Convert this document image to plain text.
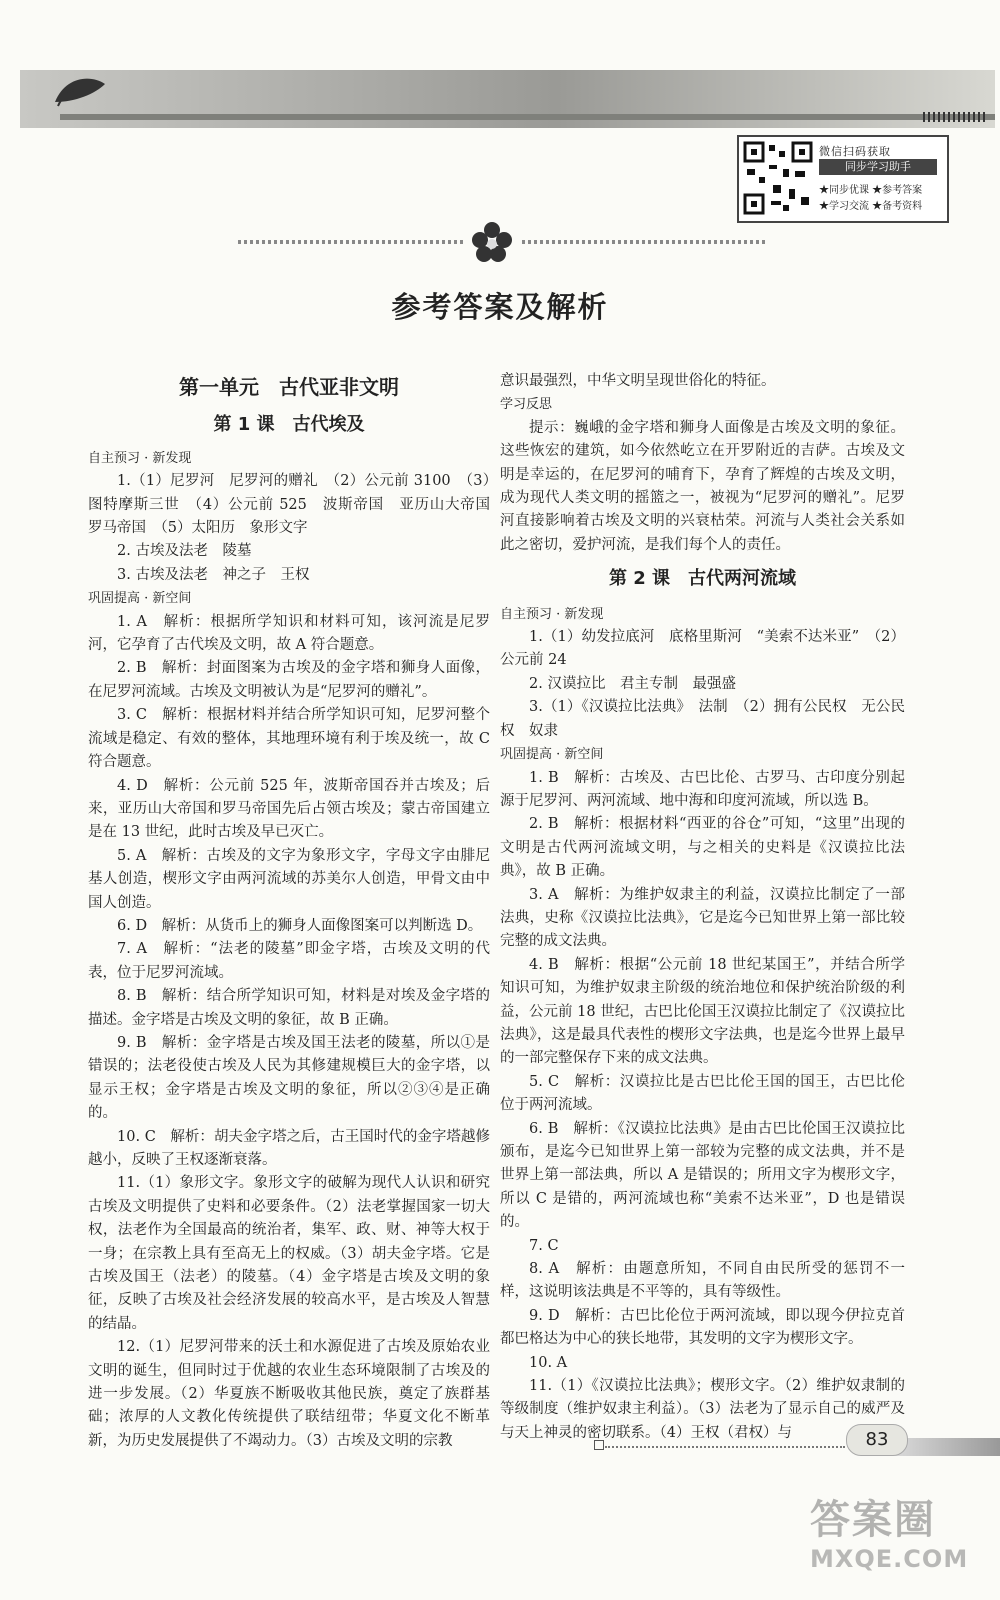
微信扫码获取
同步学习助手
★同步优课 ★参考答案
★学习交流 ★备考资料
参考答案及解析
第一单元　古代亚非文明
第 1 课　古代埃及

自主预习 · 新发现

1.（1）尼罗河　尼罗河的赠礼　（2）公元前 3100　（3）图特摩斯三世　（4）公元前 525　波斯帝国　亚历山大帝国　罗马帝国　（5）太阳历　象形文字

2. 古埃及法老　陵墓

3. 古埃及法老　神之子　王权

巩固提高 · 新空间

1. A　解析：根据所学知识和材料可知，该河流是尼罗河，它孕育了古代埃及文明，故 A 符合题意。

2. B　解析：封面图案为古埃及的金字塔和狮身人面像，在尼罗河流域。古埃及文明被认为是“尼罗河的赠礼”。

3. C　解析：根据材料并结合所学知识可知，尼罗河整个流域是稳定、有效的整体，其地理环境有利于埃及统一，故 C 符合题意。

4. D　解析：公元前 525 年，波斯帝国吞并古埃及；后来，亚历山大帝国和罗马帝国先后占领古埃及；蒙古帝国建立是在 13 世纪，此时古埃及早已灭亡。

5. A　解析：古埃及的文字为象形文字，字母文字由腓尼基人创造，楔形文字由两河流域的苏美尔人创造，甲骨文由中国人创造。

6. D　解析：从货币上的狮身人面像图案可以判断选 D。

7. A　解析：“法老的陵墓”即金字塔，古埃及文明的代表，位于尼罗河流域。

8. B　解析：结合所学知识可知，材料是对埃及金字塔的描述。金字塔是古埃及文明的象征，故 B 正确。

9. B　解析：金字塔是古埃及国王法老的陵墓，所以①是错误的；法老役使古埃及人民为其修建规模巨大的金字塔，以显示王权；金字塔是古埃及文明的象征，所以②③④是正确的。

10. C　解析：胡夫金字塔之后，古王国时代的金字塔越修越小，反映了王权逐渐衰落。

11.（1）象形文字。象形文字的破解为现代人认识和研究古埃及文明提供了史料和必要条件。（2）法老掌握国家一切大权，法老作为全国最高的统治者，集军、政、财、神等大权于一身；在宗教上具有至高无上的权威。（3）胡夫金字塔。它是古埃及国王（法老）的陵墓。（4）金字塔是古埃及文明的象征，反映了古埃及社会经济发展的较高水平，是古埃及人智慧的结晶。

12.（1）尼罗河带来的沃土和水源促进了古埃及原始农业文明的诞生，但同时过于优越的农业生态环境限制了古埃及的进一步发展。（2）华夏族不断吸收其他民族，奠定了族群基础；浓厚的人文教化传统提供了联结纽带；华夏文化不断革新，为历史发展提供了不竭动力。（3）古埃及文明的宗教

意识最强烈，中华文明呈现世俗化的特征。

学习反思

提示：巍峨的金字塔和狮身人面像是古埃及文明的象征。这些恢宏的建筑，如今依然屹立在开罗附近的吉萨。古埃及文明是幸运的，在尼罗河的哺育下，孕育了辉煌的古埃及文明，成为现代人类文明的摇篮之一，被视为“尼罗河的赠礼”。尼罗河直接影响着古埃及文明的兴衰枯荣。河流与人类社会关系如此之密切，爱护河流，是我们每个人的责任。

第 2 课　古代两河流域

自主预习 · 新发现

1.（1）幼发拉底河　底格里斯河　“美索不达米亚”　（2）公元前 24

2. 汉谟拉比　君主专制　最强盛

3.（1）《汉谟拉比法典》　法制　（2）拥有公民权　无公民权　奴隶

巩固提高 · 新空间

1. B　解析：古埃及、古巴比伦、古罗马、古印度分别起源于尼罗河、两河流域、地中海和印度河流域，所以选 B。

2. B　解析：根据材料“西亚的谷仓”可知，“这里”出现的文明是古代两河流域文明，与之相关的史料是《汉谟拉比法典》，故 B 正确。

3. A　解析：为维护奴隶主的利益，汉谟拉比制定了一部法典，史称《汉谟拉比法典》，它是迄今已知世界上第一部比较完整的成文法典。

4. B　解析：根据“公元前 18 世纪某国王”，并结合所学知识可知，为维护奴隶主阶级的统治地位和保护统治阶级的利益，公元前 18 世纪，古巴比伦国王汉谟拉比制定了《汉谟拉比法典》，这是最具代表性的楔形文字法典，也是迄今世界上最早的一部完整保存下来的成文法典。

5. C　解析：汉谟拉比是古巴比伦王国的国王，古巴比伦位于两河流域。

6. B　解析：《汉谟拉比法典》是由古巴比伦国王汉谟拉比颁布，是迄今已知世界上第一部较为完整的成文法典，并不是世界上第一部法典，所以 A 是错误的；所用文字为楔形文字，所以 C 是错的，两河流域也称“美索不达米亚”，D 也是错误的。

7. C

8. A　解析：由题意所知，不同自由民所受的惩罚不一样，这说明该法典是不平等的，具有等级性。

9. D　解析：古巴比伦位于两河流域，即以现今伊拉克首都巴格达为中心的狭长地带，其发明的文字为楔形文字。

10. A

11.（1）《汉谟拉比法典》；楔形文字。（2）维护奴隶制的等级制度（维护奴隶主利益）。（3）法老为了显示自己的威严及与天上神灵的密切联系。（4）王权（君权）与	83
答案圈
MXQE.COM
